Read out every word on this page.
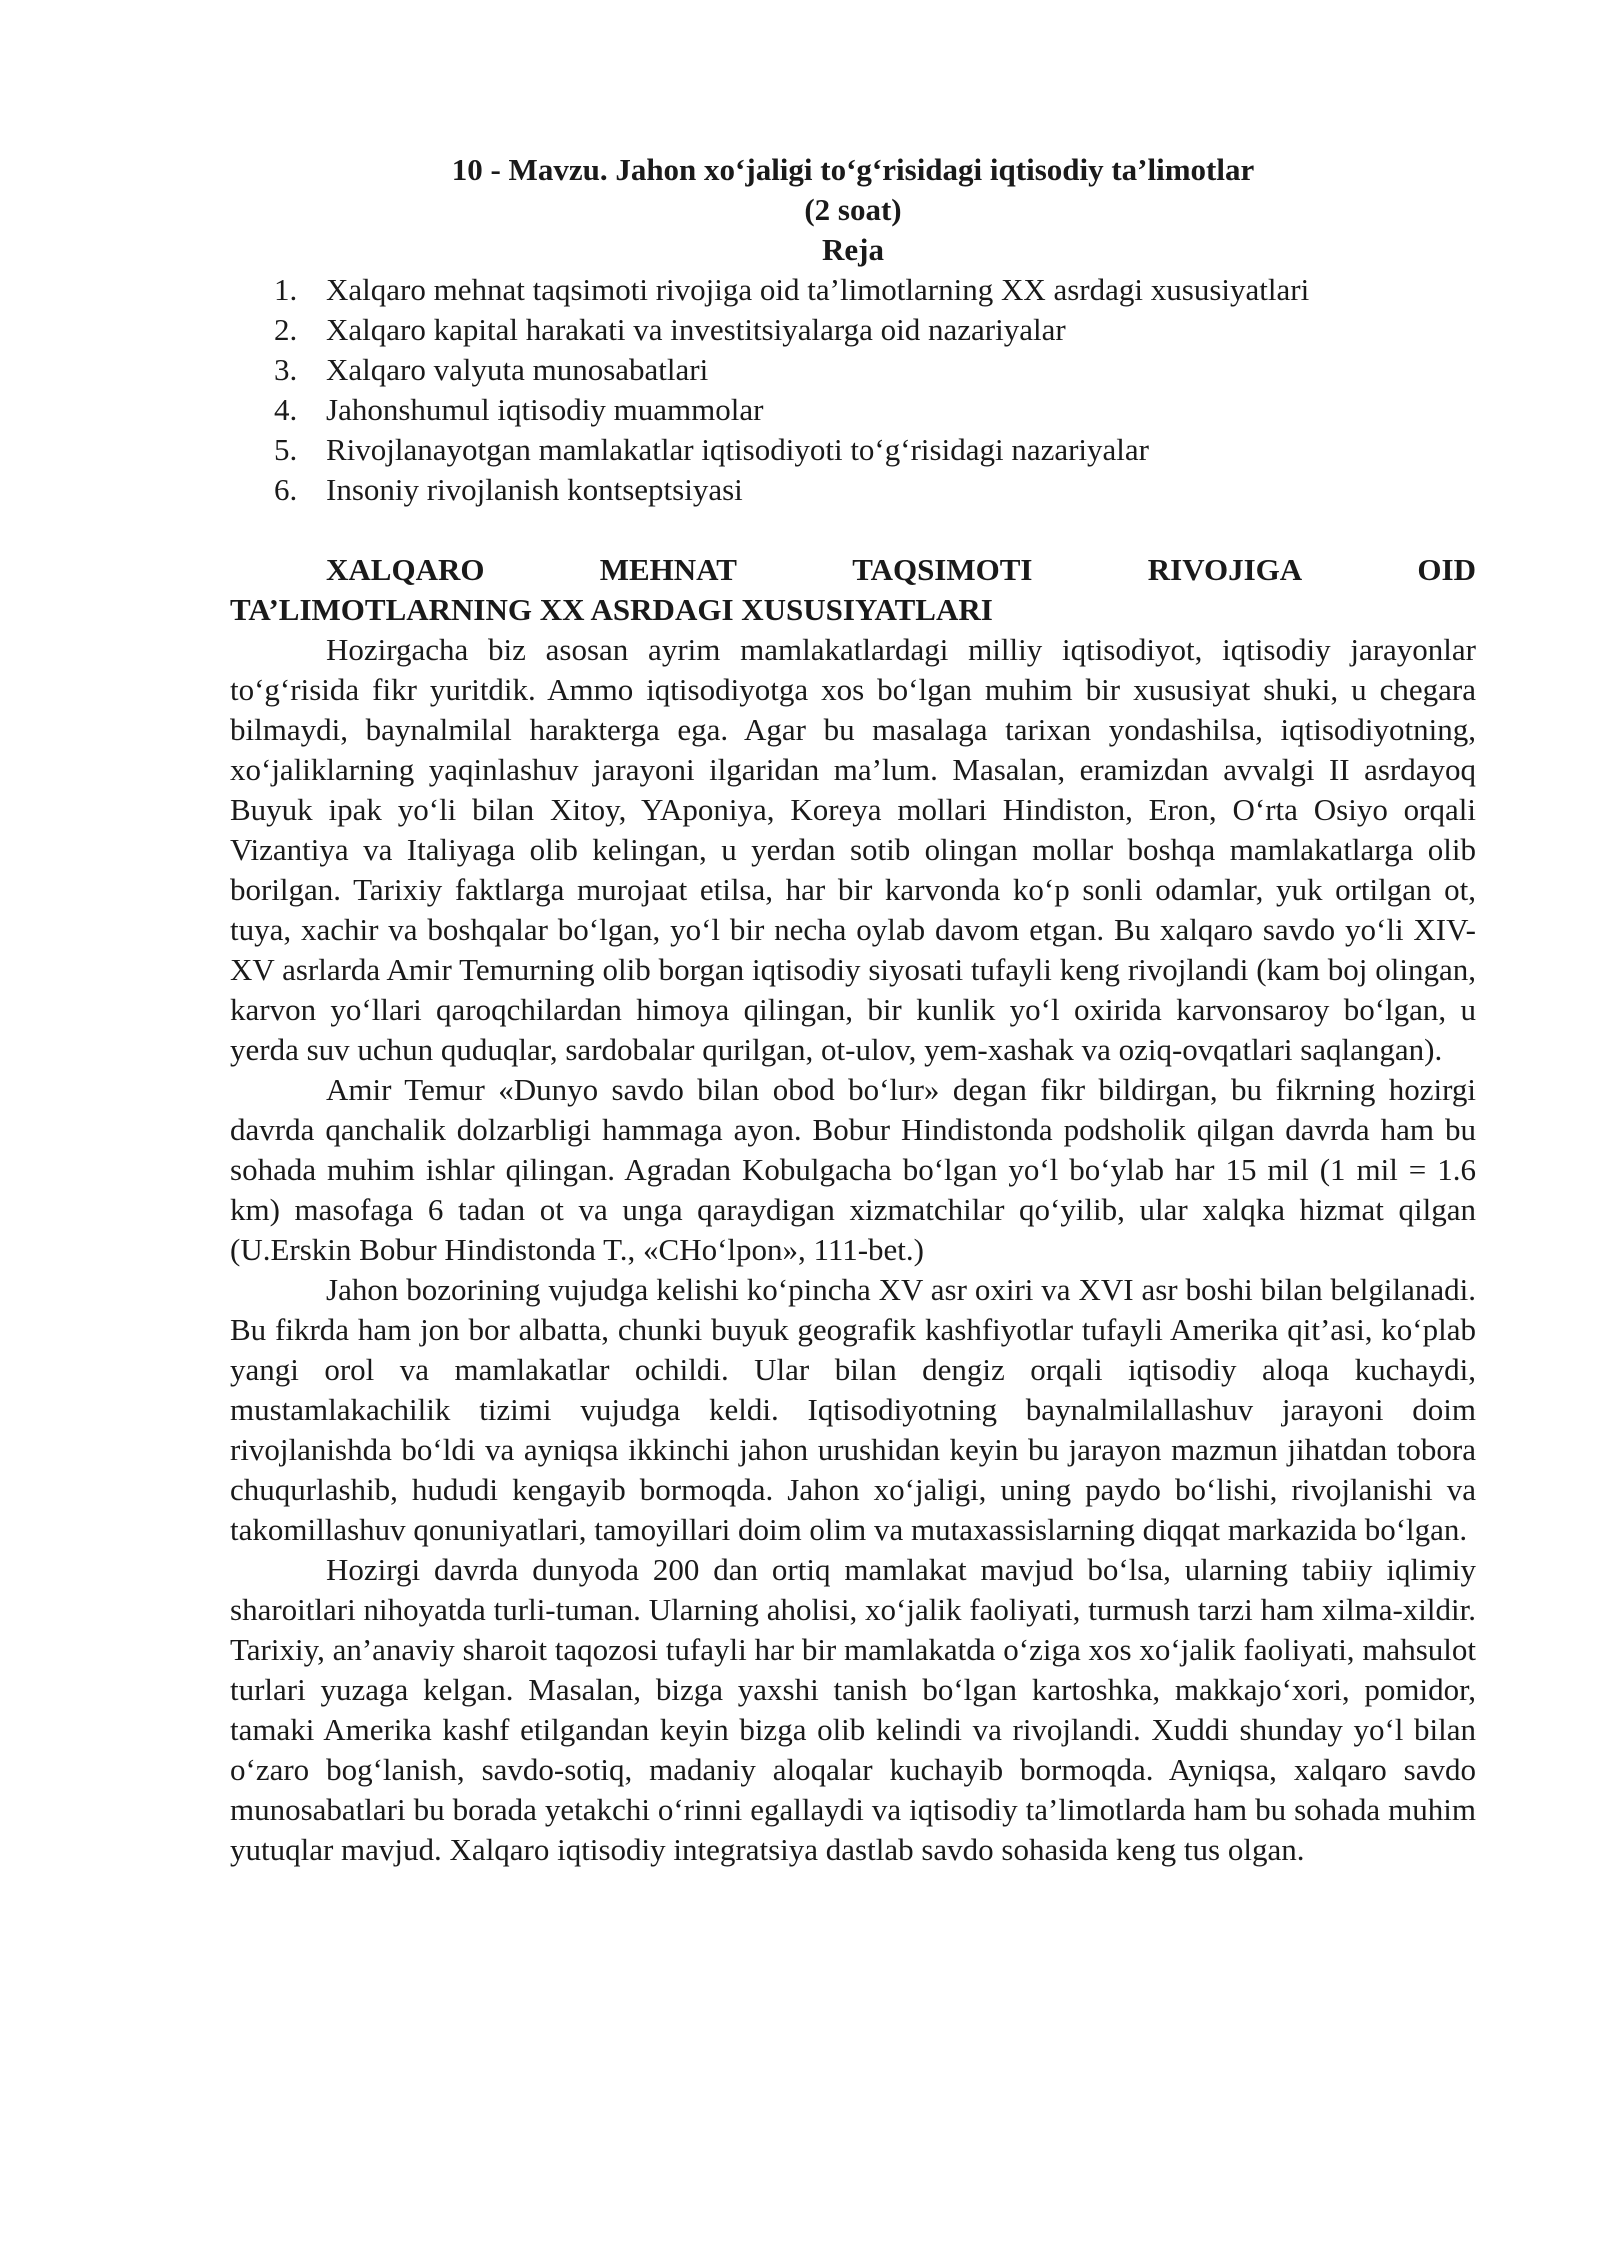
10 - Mavzu. Jahon xo‘jaligi to‘g‘risidagi iqtisodiy ta’limotlar
(2 soat)
Reja
1. Xalqaro mehnat taqsimoti rivojiga oid ta’limotlarning XX asrdagi xususiyatlari
2. Xalqaro kapital harakati va investitsiyalarga oid nazariyalar
3. Xalqaro valyuta munosabatlari
4. Jahonshumul iqtisodiy muammolar
5. Rivojlanayotgan mamlakatlar iqtisodiyoti to‘g‘risidagi nazariyalar
6. Insoniy rivojlanish kontseptsiyasi
XALQARO	MEHNAT	TAQSIMOTI	RIVOJIGA	OID
TA’LIMOTLARNING XX ASRDAGI XUSUSIYATLARI

Hozirgacha biz asosan ayrim mamlakatlardagi milliy iqtisodiyot, iqtisodiy jarayonlar to‘g‘risida fikr yuritdik. Ammo iqtisodiyotga xos bo‘lgan muhim bir xususiyat shuki, u chegara bilmaydi, baynalmilal harakterga ega. Agar bu masalaga tarixan yondashilsa, iqtisodiyotning, xo‘jaliklarning yaqinlashuv jarayoni ilgaridan ma’lum. Masalan, eramizdan avvalgi II asrdayoq Buyuk ipak yo‘li bilan Xitoy, YAponiya, Koreya mollari Hindiston, Eron, O‘rta Osiyo orqali Vizantiya va Italiyaga olib kelingan, u yerdan sotib olingan mollar boshqa mamlakatlarga olib borilgan. Tarixiy faktlarga murojaat etilsa, har bir karvonda ko‘p sonli odamlar, yuk ortilgan ot, tuya, xachir va boshqalar bo‘lgan, yo‘l bir necha oylab davom etgan. Bu xalqaro savdo yo‘li XIV-XV asrlarda Amir Temurning olib borgan iqtisodiy siyosati tufayli keng rivojlandi (kam boj olingan, karvon yo‘llari qaroqchilardan himoya qilingan, bir kunlik yo‘l oxirida karvonsaroy bo‘lgan, u yerda suv uchun quduqlar, sardobalar qurilgan, ot-ulov, yem-xashak va oziq-ovqatlari saqlangan).

Amir Temur «Dunyo savdo bilan obod bo‘lur» degan fikr bildirgan, bu fikrning hozirgi davrda qanchalik dolzarbligi hammaga ayon. Bobur Hindistonda podsholik qilgan davrda ham bu sohada muhim ishlar qilingan. Agradan Kobulgacha bo‘lgan yo‘l bo‘ylab har 15 mil (1 mil = 1.6 km) masofaga 6 tadan ot va unga qaraydigan xizmatchilar qo‘yilib, ular xalqka hizmat qilgan (U.Erskin Bobur Hindistonda T., «CHo‘lpon», 111-bet.)

Jahon bozorining vujudga kelishi ko‘pincha XV asr oxiri va XVI asr boshi bilan belgilanadi. Bu fikrda ham jon bor albatta, chunki buyuk geografik kashfiyotlar tufayli Amerika qit’asi, ko‘plab yangi orol va mamlakatlar ochildi. Ular bilan dengiz orqali iqtisodiy aloqa kuchaydi, mustamlakachilik tizimi vujudga keldi. Iqtisodiyotning baynalmilallashuv jarayoni doim rivojlanishda bo‘ldi va ayniqsa ikkinchi jahon urushidan keyin bu jarayon mazmun jihatdan tobora chuqurlashib, hududi kengayib bormoqda. Jahon xo‘jaligi, uning paydo bo‘lishi, rivojlanishi va takomillashuv qonuniyatlari, tamoyillari doim olim va mutaxassislarning diqqat markazida bo‘lgan.

Hozirgi davrda dunyoda 200 dan ortiq mamlakat mavjud bo‘lsa, ularning tabiiy iqlimiy sharoitlari nihoyatda turli-tuman. Ularning aholisi, xo‘jalik faoliyati, turmush tarzi ham xilma-xildir. Tarixiy, an’anaviy sharoit taqozosi tufayli har bir mamlakatda o‘ziga xos xo‘jalik faoliyati, mahsulot turlari yuzaga kelgan. Masalan, bizga yaxshi tanish bo‘lgan kartoshka, makkajo‘xori, pomidor, tamaki Amerika kashf etilgandan keyin bizga olib kelindi va rivojlandi. Xuddi shunday yo‘l bilan o‘zaro bog‘lanish, savdo-sotiq, madaniy aloqalar kuchayib bormoqda. Ayniqsa, xalqaro savdo munosabatlari bu borada yetakchi o‘rinni egallaydi va iqtisodiy ta’limotlarda ham bu sohada muhim yutuqlar mavjud. Xalqaro iqtisodiy integratsiya dastlab savdo sohasida keng tus olgan.
